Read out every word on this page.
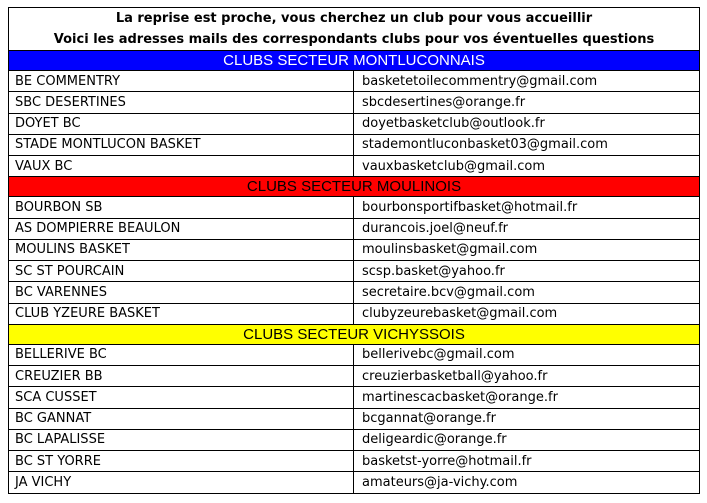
La reprise est proche, vous cherchez un club pour vous accueillir
Voici les adresses mails des correspondants clubs pour vos éventuelles questions
CLUBS SECTEUR MONTLUCONNAIS
BE COMMENTRY	basketetoilecommentry@gmail.com
SBC DESERTINES	sbcdesertines@orange.fr
DOYET BC	doyetbasketclub@outlook.fr
STADE MONTLUCON BASKET	stademontluconbasket03@gmail.com
VAUX BC	vauxbasketclub@gmail.com
CLUBS SECTEUR MOULINOIS
BOURBON SB	bourbonsportifbasket@hotmail.fr
AS DOMPIERRE BEAULON	durancois.joel@neuf.fr
MOULINS BASKET	moulinsbasket@gmail.com
SC ST POURCAIN	scsp.basket@yahoo.fr
BC VARENNES	secretaire.bcv@gmail.com
CLUB YZEURE BASKET	clubyzeurebasket@gmail.com
CLUBS SECTEUR VICHYSSOIS
BELLERIVE BC	bellerivebc@gmail.com
CREUZIER BB	creuzierbasketball@yahoo.fr
SCA CUSSET	martinescacbasket@orange.fr
BC GANNAT	bcgannat@orange.fr
BC LAPALISSE	deligeardic@orange.fr
BC ST YORRE	basketst-yorre@hotmail.fr
JA VICHY	amateurs@ja-vichy.com
